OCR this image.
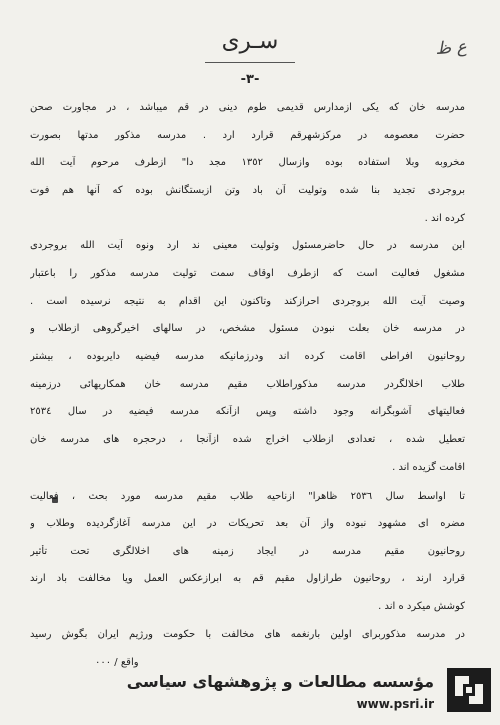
سـری	ع ظ
-٣-
مدرسه خان که یکی ازمدارس قدیمی طوم دینی در قم میباشد ، در مجاورت صحن
حضرت معصومه در مرکزشهرقم قرارد ارد . مدرسه مذکور مدتها بصورت
مخروبه وبلا استفاده بوده وازسال ١٣٥٢ مجد دا" ازطرف مرحوم آیت الله
بروجردی تجدید بنا شده وتولیت آن باد وتن ازبستگانش بوده که آنها هم فوت
کرده اند .
این مدرسه در حال حاضرمسئول وتولیت معینی ند ارد ونوه آیت الله بروجردی
مشغول فعالیت است که ازطرف اوقاف سمت تولیت مدرسه مذکور را باعتبار
وصیت آیت الله بروجردی احرازکند وتاکنون این اقدام به نتیجه نرسیده است .
در مدرسه خان بعلت نبودن مسئول مشخص، در سالهای اخیرگروهی ازطلاب و
روحانیون افراطی اقامت کرده اند ودرزمانیکه مدرسه فیضیه دایربوده ، بیشتر
طلاب اخلالگردر مدرسه مذکوراطلاب مقیم مدرسه خان همکاریهائی درزمینه
فعالیتهای آشوبگرانه وجود داشته وپس ازآنکه مدرسه فیضیه در سال ٢٥٣٤
تعطیل شده ، تعدادی ازطلاب اخراج شده ازآنجا ، درحجره های مدرسه خان
اقامت گزیده اند .
تا اواسط سال ٢٥٣٦ ظاهرا" ازناحیه طلاب مقیم مدرسه مورد بحث ، فعالیت
مضره ای مشهود نبوده واز آن بعد تحریکات در این مدرسه آغازگردیده وطلاب و
روحانیون مقیم مدرسه در ایجاد زمینه های اخلالگری تحت تأثیر
قرارد ارند ، روحانیون طرازاول مقیم قم به ابرازعکس العمل ویا مخالفت باد ارند
کوشش میکرد ه اند .
در مدرسه مذکوربرای اولین بارنغمه های مخالفت با حکومت ورژیم ایران بگوش رسید
واقع / ٠٠٠
مؤسسه مطالعات و پژوهشهای سیاسی
www.psri.ir
